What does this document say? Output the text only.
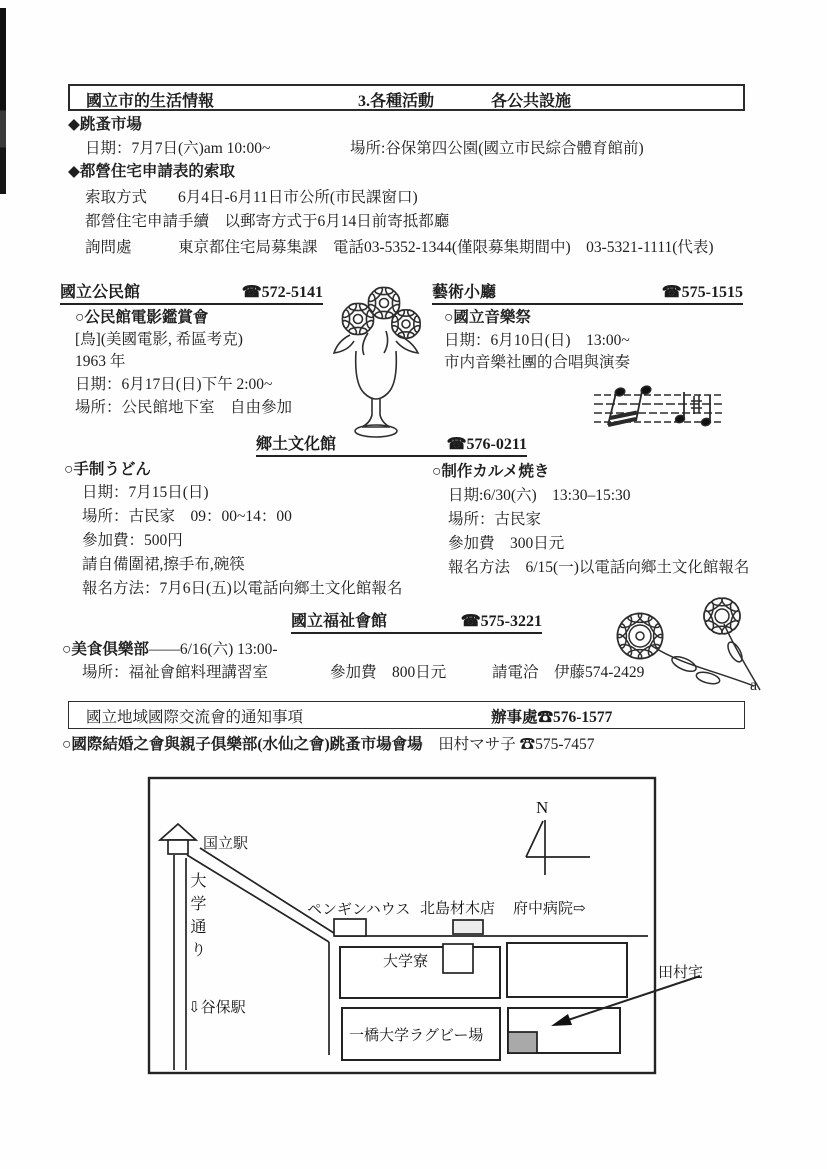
國立市的生活情報	3.各種活動	各公共設施
◆跳蚤市場
日期：7月7日(六)am 10:00~	場所:谷保第四公園(國立市民綜合體育館前)
◆都營住宅申請表的索取
索取方式　　6月4日-6月11日市公所(市民課窗口)
都營住宅申請手續　以郵寄方式于6月14日前寄抵都廳
詢問處　　　東京都住宅局募集課　電話03-5352-1344(僅限募集期間中)　03-5321-1111(代表)
國立公民館	☎572-5141
○公民館電影鑑賞會
[鳥](美國電影, 希區考克)
1963 年
日期：6月17日(日)下午 2:00~
場所：公民館地下室　自由參加
藝術小廳	☎575-1515
○國立音樂祭
日期：6月10日(日)　13:00~
市内音樂社團的合唱與演奏
鄉土文化館	☎576-0211
○手制うどん
日期：7月15日(日)
場所：古民家　09：00~14：00
參加費：500円
請自備圍裙,擦手布,碗筷
報名方法：7月6日(五)以電話向鄉土文化館報名
○制作カルメ焼き
日期:6/30(六)　13:30–15:30
場所：古民家
參加費　300日元
報名方法　6/15(一)以電話向鄉土文化館報名
國立福祉會館	☎575-3221
○美食俱樂部——6/16(六) 13:00-
場所：福祉會館料理講習室	參加費　800日元	請電洽　伊藤574-2429
a
國立地域國際交流會的通知事項	辦事處☎576-1577
○國際結婚之會與親子俱樂部(水仙之會)跳蚤市場會場　 田村マサ子 ☎575-7457
国立駅
N
大学通り
⇩谷保駅
ペンギンハウス 北島材木店 府中病院⇨
大学寮
一橋大学ラグビー場
田村宅
